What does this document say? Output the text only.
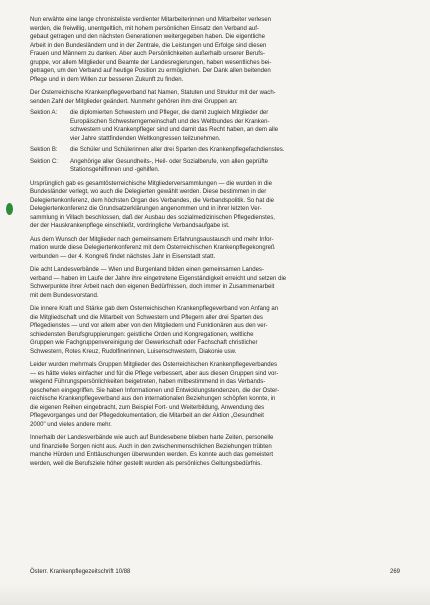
Nun erwähte eine lange chronisteliste verdienter Mitarbeiterinnen und Mitarbeiter verlesen
werden, die freiwillig, unentgeltlich, mit hohem persönlichen Einsatz den Verband auf-
gebaut getragen und den nächsten Generationen weitergegeben haben. Die eigentliche
Arbeit in den Bundesländern und in der Zentrale, die Leistungen und Erfolge sind diesen
Frauen und Männern zu danken. Aber auch Persönlichkeiten außerhalb unserer Berufs-
gruppe, vor allem Mitglieder und Beamte der Landesregierungen, haben wesentliches bei-
getragen, um den Verband auf heutige Position zu ermöglichen. Der Dank allen beitenden
Pflege und in dem Willen zur besseren Zukunft zu finden.
Der Österreichische Krankenpflegeverband hat Namen, Statuten und Struktur mit der wach-
senden Zahl der Mitglieder geändert. Nunmehr gehören ihm drei Gruppen an:
Sektion A:	die diplomierten Schwestern und Pfleger, die damit zugleich Mitglieder der
Europäischen Schwesterngemeinschaft und des Weltbundes der Kranken-
schwestern und Krankenpfleger sind und damit das Recht haben, an dem alle
vier Jahre stattfindenden Weltkongressen teilzunehmen.
Sektion B:	die Schüler und Schülerinnen aller drei Sparten des Krankenpflegefachdienstes.
Sektion C:	Angehörige aller Gesundheits-, Heil- oder Sozialberufe, von allen geprüfte
Stationsgehilfinnen und -gehilfen.
Ursprünglich gab es gesamtösterreichische Mitgliederversammlungen — die wurden in die
Bundesländer verlegt, wo auch die Delegierten gewählt werden. Diese bestimmen in der
Delegiertenkonferenz, dem höchsten Organ des Verbandes, die Verbandspolitik. So hat die
Delegiertenkonferenz die Grundsatzerklärungen angenommen und in ihrer letzten Ver-
sammlung in Villach beschlossen, daß der Ausbau des sozialmedizinischen Pflegedienstes,
der der Hauskrankenpflege einschließt, vordringliche Verbandsaufgabe ist.
Aus dem Wunsch der Mitglieder nach gemeinsamem Erfahrungsaustausch und mehr Infor-
mation wurde diese Delegiertenkonferenz mit dem Österreichischen Krankenpflegekongreß
verbunden — der 4. Kongreß findet nächstes Jahr in Eisenstadt statt.
Die acht Landesverbände — Wien und Burgenland bilden einen gemeinsamen Landes-
verband — haben im Laufe der Jahre ihre eingetretene Eigenständigkeit erreicht und setzen die
Schwerpunkte ihrer Arbeit nach den eigenen Bedürfnissen, doch immer in Zusammenarbeit
mit dem Bundesvorstand.
Die innere Kraft und Stärke gab dem Österreichischen Krankenpflegeverband von Anfang an
die Mitgliedschaft und die Mitarbeit von Schwestern und Pflegern aller drei Sparten des
Pflegedienstes — und vor allem aber von den Mitgliedern und Funktionären aus den ver-
schiedensten Berufsgruppierungen: geistliche Orden und Kongregationen, weltliche
Gruppen wie Fachgruppenvereinigung der Gewerkschaft oder Fachschaft christlicher
Schwestern, Rotes Kreuz, Rudolfinerinnen, Luisenschwestern, Diakonie usw.
Leider wurden mehrmals Gruppen Mitglieder des Österreichischen Krankenpflegeverbandes
— es hätte vieles einfacher und für die Pflege verbessert, aber aus diesen Gruppen sind vor-
wiegend Führungspersönlichkeiten beigetreten, haben mitbestimmend in das Verbands-
geschehen eingegriffen. Sie haben Informationen und Entwicklungstendenzen, die der Öster-
reichische Krankenpflegeverband aus den internationalen Beziehungen schöpfen konnte, in
die eigenen Reihen eingebracht, zum Beispiel Fort- und Weiterbildung, Anwendung des
Pflegevorganges und der Pflegedokumentation, die Mitarbeit an der Aktion „Gesundheit
2000" und vieles andere mehr.
Innerhalb der Landesverbände wie auch auf Bundesebene blieben harte Zeiten, personelle
und finanzielle Sorgen nicht aus. Auch in den zwischenmenschlichen Beziehungen trübten
manche Hürden und Enttäuschungen überwunden werden. Es konnte auch das gemeistert
werden, weil die Berufsziele höher gestellt wurden als persönliches Geltungsbedürfnis.
Österr. Krankenpflegezeitschrift 10/88	269
